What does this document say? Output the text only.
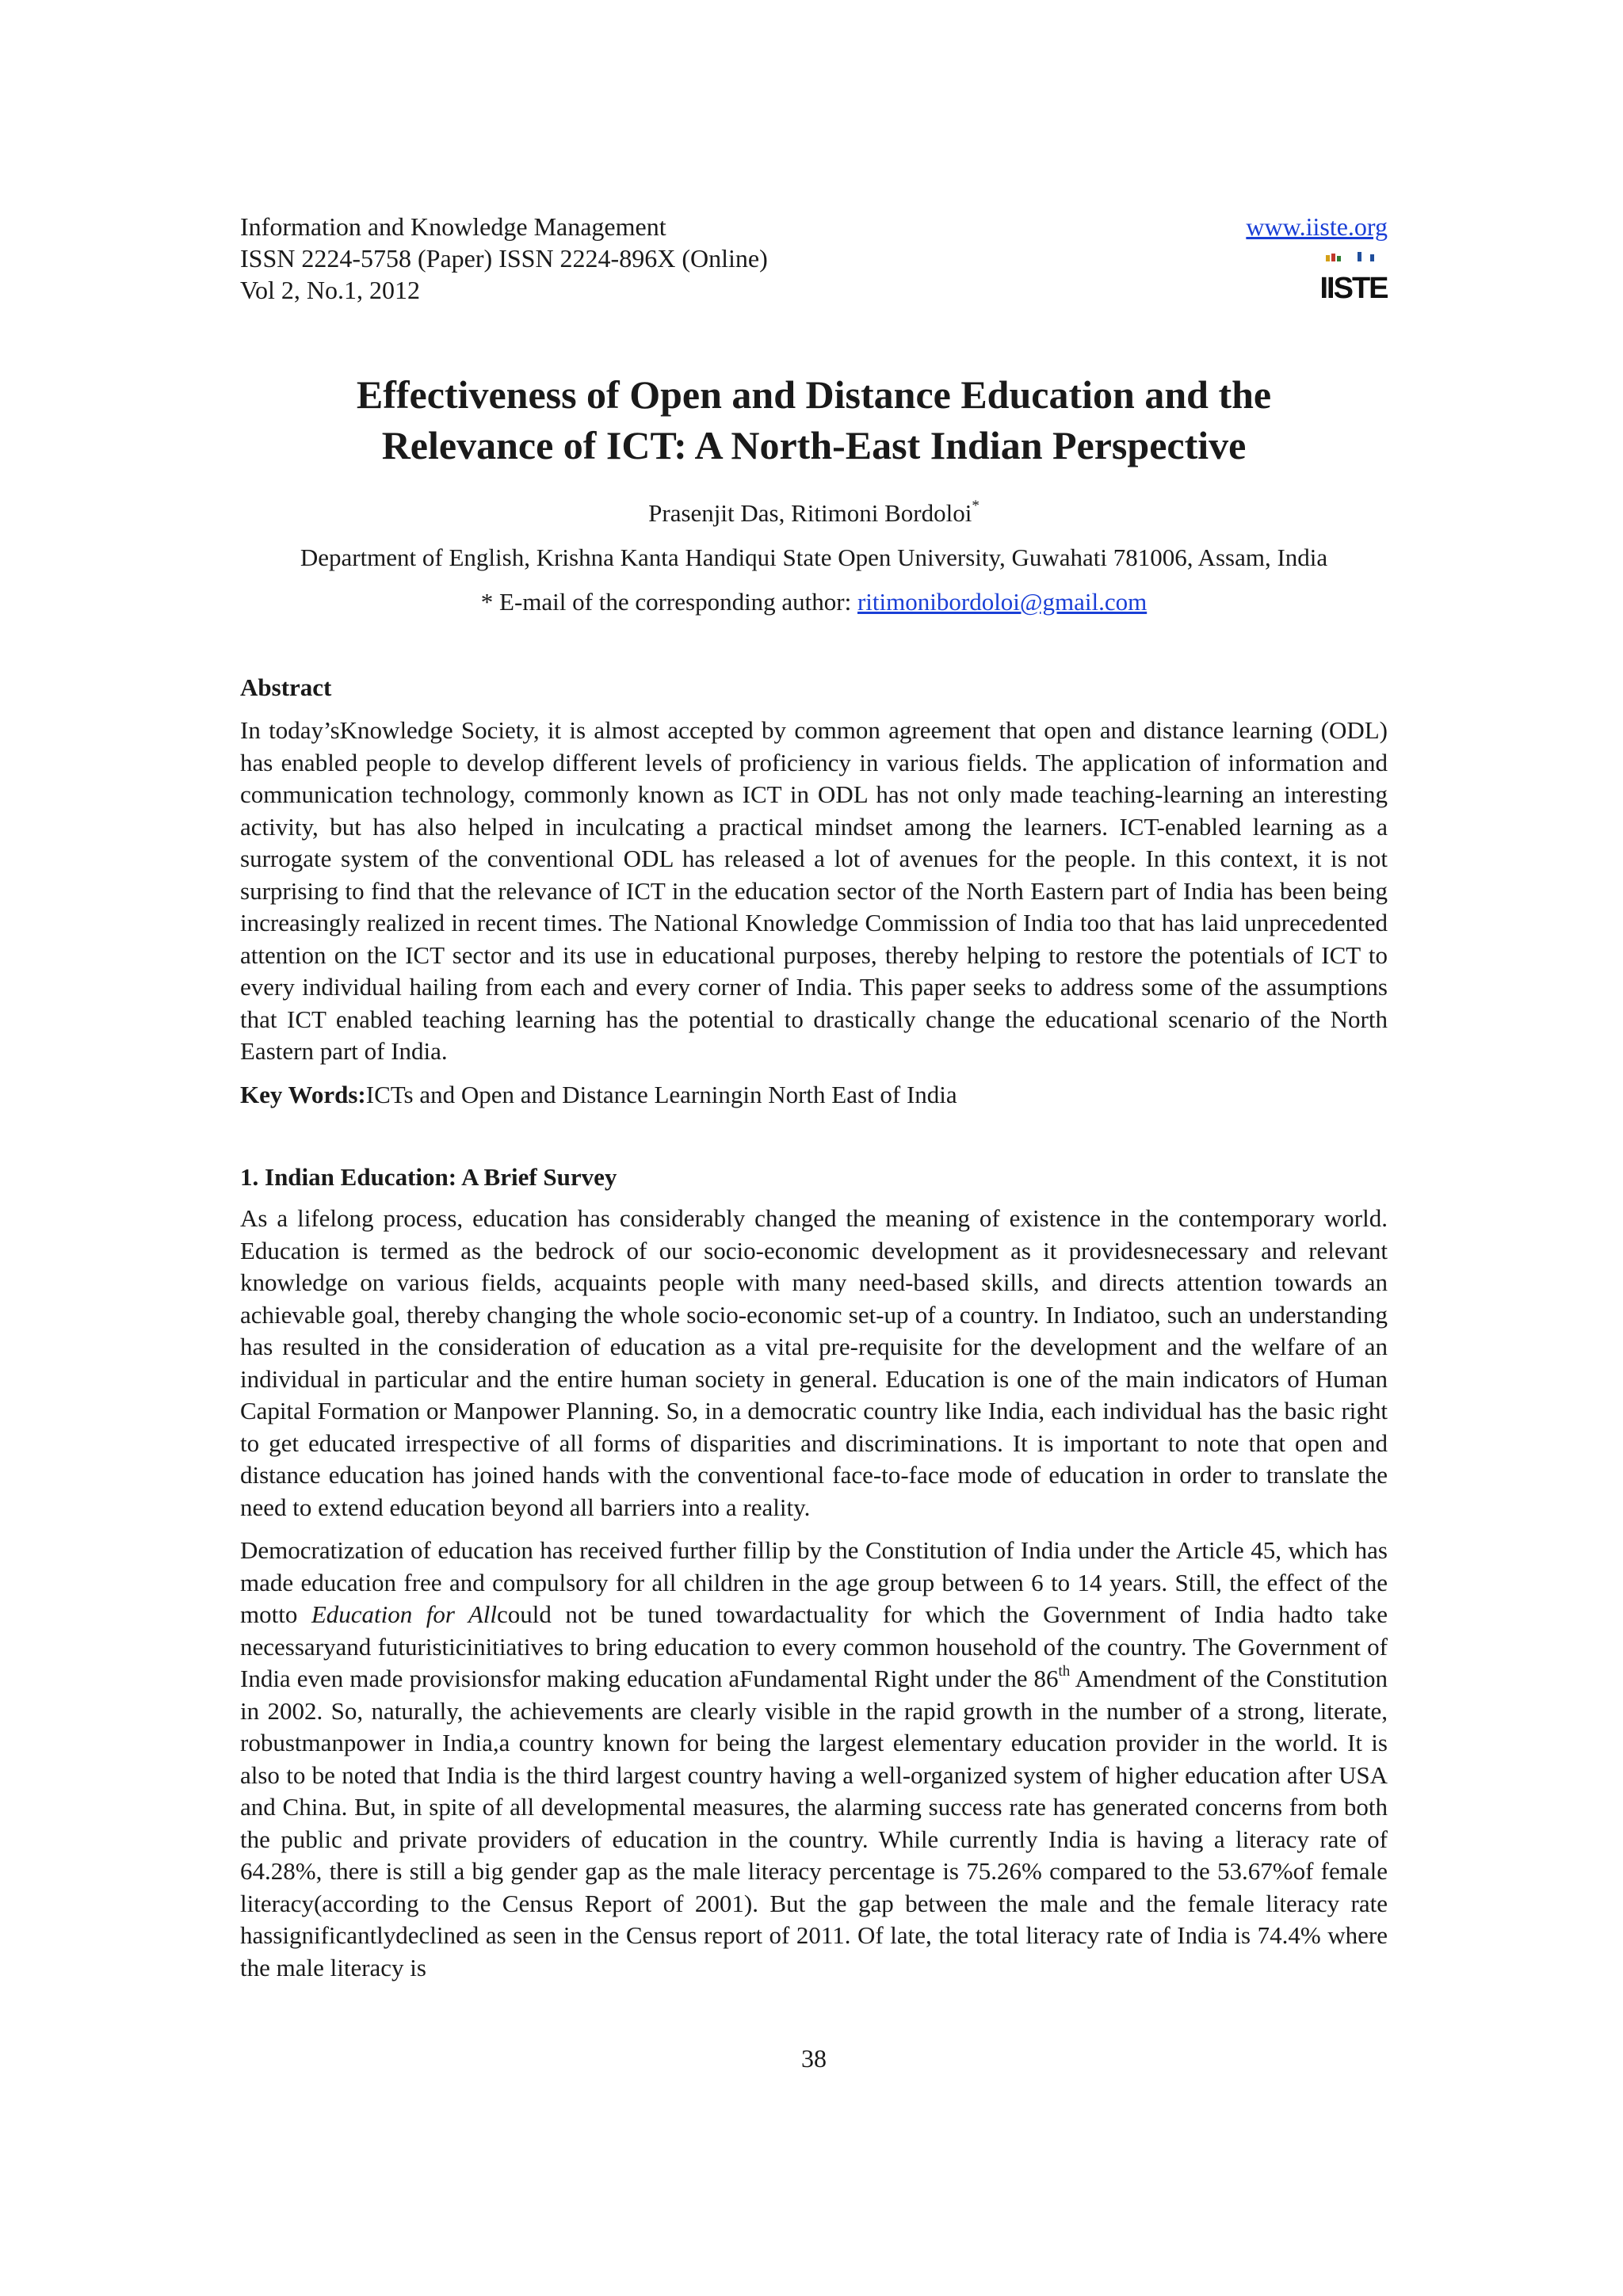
Information and Knowledge Management
ISSN 2224-5758 (Paper) ISSN 2224-896X (Online)
Vol 2, No.1, 2012
www.iiste.org
IISTE
Effectiveness of Open and Distance Education and the
Relevance of ICT: A North-East Indian Perspective
Prasenjit Das, Ritimoni Bordoloi*
Department of English, Krishna Kanta Handiqui State Open University, Guwahati 781006, Assam, India
* E-mail of the corresponding author: ritimonibordoloi@gmail.com
Abstract

In today’sKnowledge Society, it is almost accepted by common agreement that open and distance learning (ODL) has enabled people to develop different levels of proficiency in various fields. The application of information and communication technology, commonly known as ICT in ODL has not only made teaching-learning an interesting activity, but has also helped in inculcating a practical mindset among the learners. ICT-enabled learning as a surrogate system of the conventional ODL has released a lot of avenues for the people. In this context, it is not surprising to find that the relevance of ICT in the education sector of the North Eastern part of India has been being increasingly realized in recent times. The National Knowledge Commission of India too that has laid unprecedented attention on the ICT sector and its use in educational purposes, thereby helping to restore the potentials of ICT to every individual hailing from each and every corner of India. This paper seeks to address some of the assumptions that ICT enabled teaching learning has the potential to drastically change the educational scenario of the North Eastern part of India.

Key Words:ICTs and Open and Distance Learningin North East of India

1. Indian Education: A Brief Survey

As a lifelong process, education has considerably changed the meaning of existence in the contemporary world. Education is termed as the bedrock of our socio-economic development as it providesnecessary and relevant knowledge on various fields, acquaints people with many need-based skills, and directs attention towards an achievable goal, thereby changing the whole socio-economic set-up of a country. In Indiatoo, such an understanding has resulted in the consideration of education as a vital pre-requisite for the development and the welfare of an individual in particular and the entire human society in general. Education is one of the main indicators of Human Capital Formation or Manpower Planning. So, in a democratic country like India, each individual has the basic right to get educated irrespective of all forms of disparities and discriminations. It is important to note that open and distance education has joined hands with the conventional face-to-face mode of education in order to translate the need to extend education beyond all barriers into a reality.

Democratization of education has received further fillip by the Constitution of India under the Article 45, which has made education free and compulsory for all children in the age group between 6 to 14 years. Still, the effect of the motto Education for Allcould not be tuned towardactuality for which the Government of India hadto take necessaryand futuristicinitiatives to bring education to every common household of the country. The Government of India even made provisionsfor making education aFundamental Right under the 86th Amendment of the Constitution in 2002. So, naturally, the achievements are clearly visible in the rapid growth in the number of a strong, literate, robustmanpower in India,a country known for being the largest elementary education provider in the world. It is also to be noted that India is the third largest country having a well-organized system of higher education after USA and China. But, in spite of all developmental measures, the alarming success rate has generated concerns from both the public and private providers of education in the country. While currently India is having a literacy rate of 64.28%, there is still a big gender gap as the male literacy percentage is 75.26% compared to the 53.67%of female literacy(according to the Census Report of 2001). But the gap between the male and the female literacy rate hassignificantlydeclined as seen in the Census report of 2011. Of late, the total literacy rate of India is 74.4% where the male literacy is

38
